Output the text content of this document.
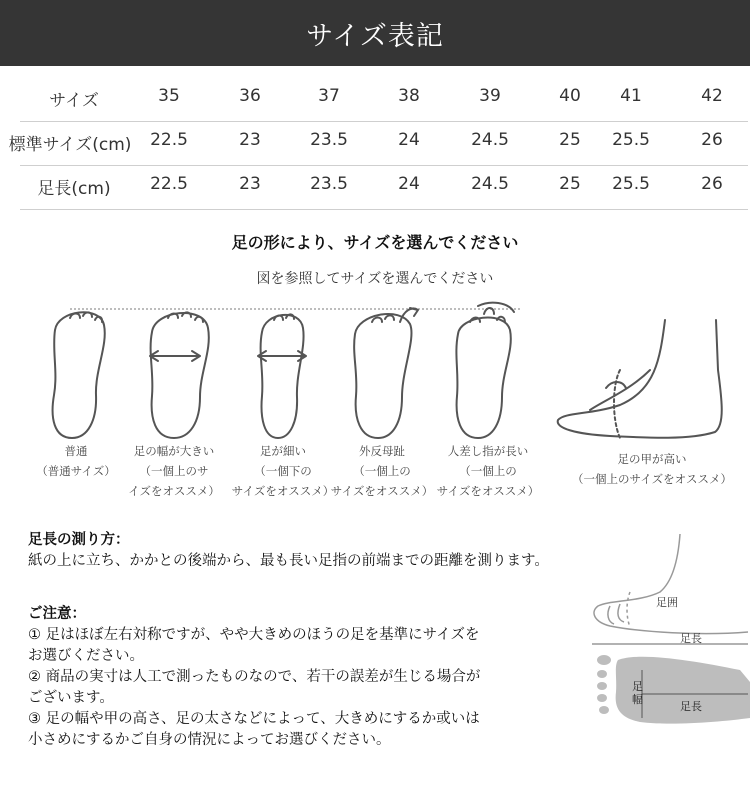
サイズ表記
サイズ	35	36	37	38	39	40 41	42
標準サイズ(cm) 22.5	23	23.5	24	24.5	25 25.5	26
足長(cm) 22.5	23	23.5	24	24.5	25 25.5	26
足の形により、サイズを選んでください
図を参照してサイズを選んでください
普通
（普通サイズ）
足の幅が大きい
（一個上のサ
イズをオススメ）
足が細い
（一個下の
サイズをオススメ）
外反母趾
（一個上の
サイズをオススメ）
人差し指が長い
（一個上の
サイズをオススメ）
足の甲が高い
（一個上のサイズをオススメ）
足長の測り方：
紙の上に立ち、かかとの後端から、最も長い足指の前端までの距離を測ります。
ご注意：
① 足はほぼ左右対称ですが、やや大きめのほうの足を基準にサイズを
お選びください。
② 商品の実寸は人工で測ったものなので、若干の誤差が生じる場合が
ございます。
③ 足の幅や甲の高さ、足の太さなどによって、大きめにするか或いは
小さめにするかご自身の情況によってお選びください。
足囲
足長
足幅
足長
